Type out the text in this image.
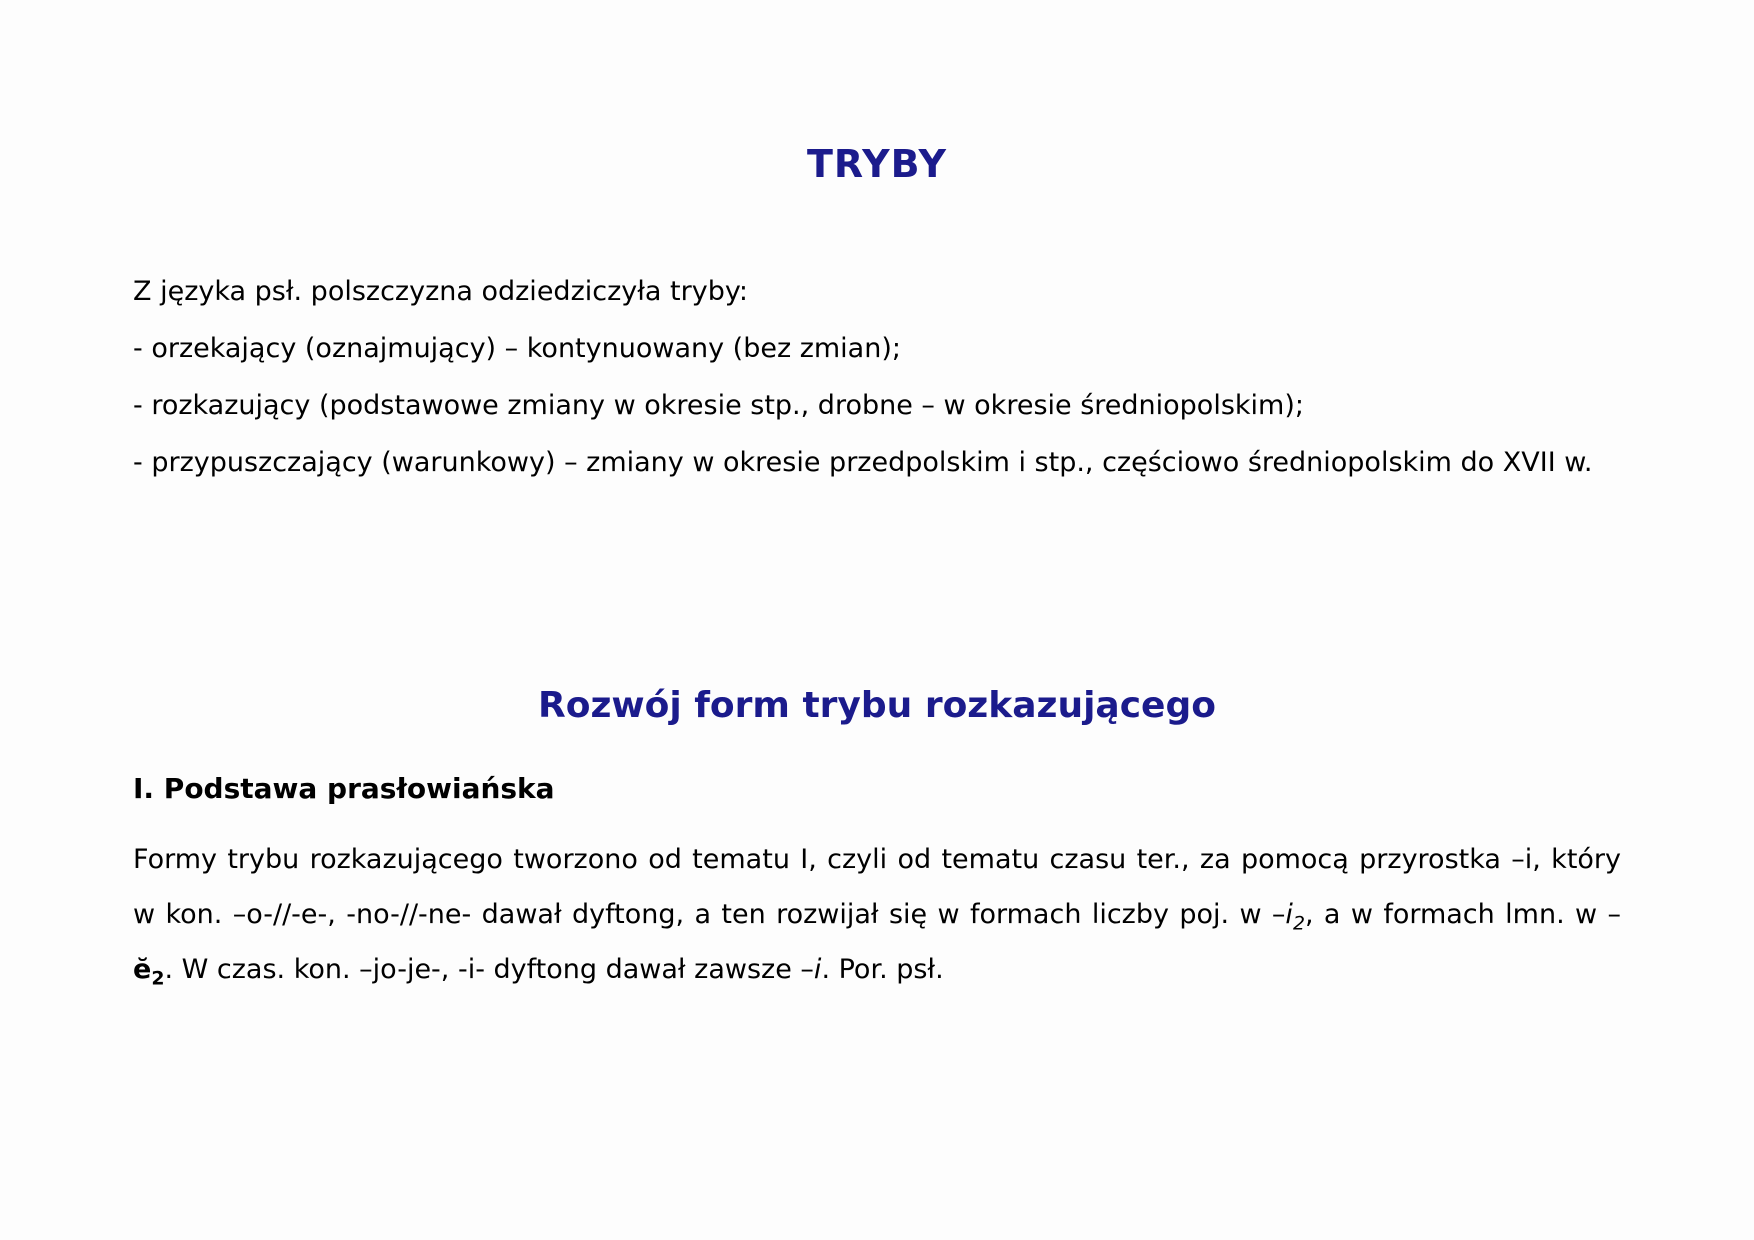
TRYBY

Z języka psł. polszczyzna odziedziczyła tryby:

- orzekający (oznajmujący) – kontynuowany (bez zmian);

- rozkazujący (podstawowe zmiany w okresie stp., drobne – w okresie średniopolskim);

- przypuszczający (warunkowy) – zmiany w okresie przedpolskim i stp., częściowo średniopolskim do XVII w.

Rozwój form trybu rozkazującego
I. Podstawa prasłowiańska

Formy trybu rozkazującego tworzono od tematu I, czyli od tematu czasu ter., za pomocą przyrostka –i, który w kon. –o-//-e-, -no-//-ne- dawał dyftong, a ten rozwijał się w formach liczby poj. w $-i_2$, a w formach lmn. w $-ĕ_2$. W czas. kon. –jo-je-, -i- dyftong dawał zawsze –i. Por. psł.
